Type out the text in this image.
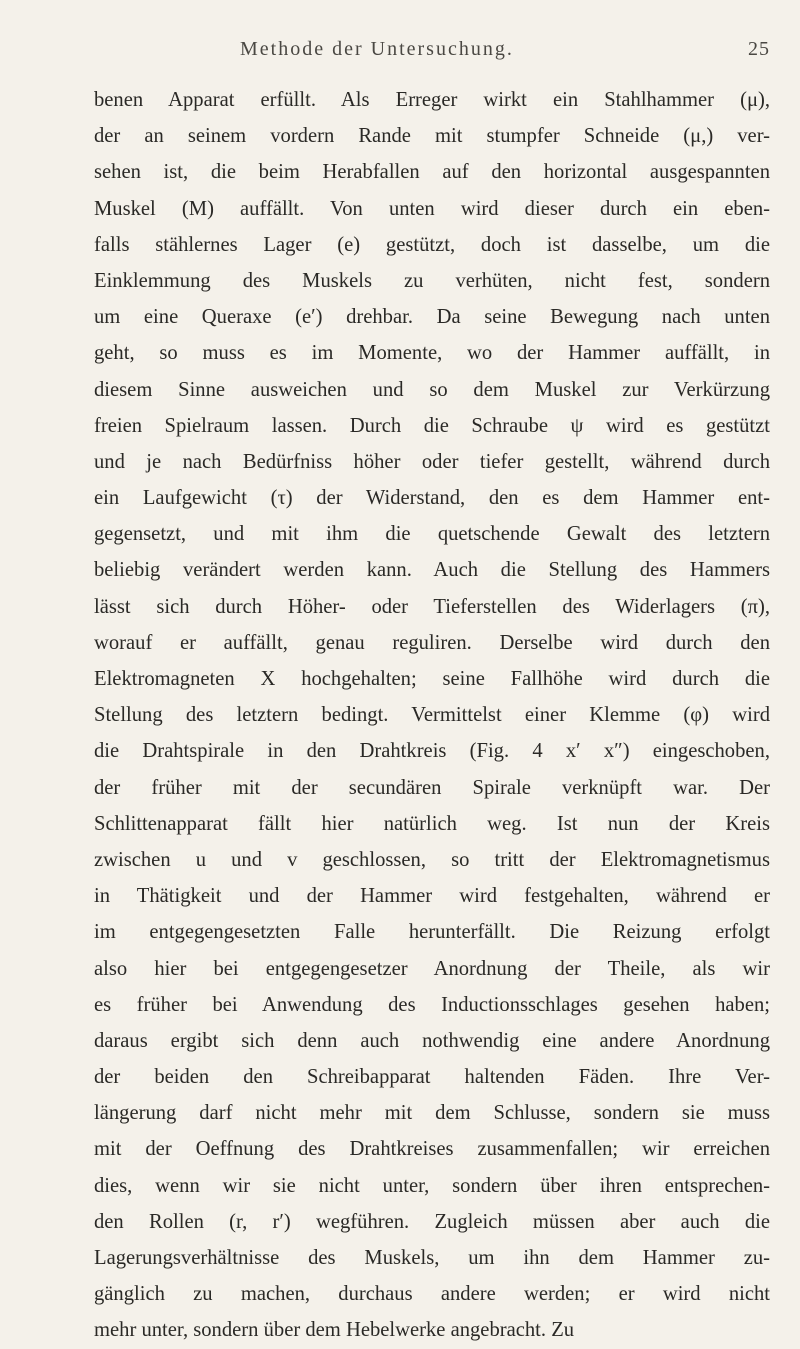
Methode der Untersuchung.	25
benen Apparat erfüllt. Als Erreger wirkt ein Stahlhammer (μ),
der an seinem vordern Rande mit stumpfer Schneide (μ,) ver-
sehen ist, die beim Herabfallen auf den horizontal ausgespannten
Muskel (M) auffällt. Von unten wird dieser durch ein eben-
falls stählernes Lager (e) gestützt, doch ist dasselbe, um die
Einklemmung des Muskels zu verhüten, nicht fest, sondern
um eine Queraxe (e′) drehbar. Da seine Bewegung nach unten
geht, so muss es im Momente, wo der Hammer auffällt, in
diesem Sinne ausweichen und so dem Muskel zur Verkürzung
freien Spielraum lassen. Durch die Schraube ψ wird es gestützt
und je nach Bedürfniss höher oder tiefer gestellt, während durch
ein Laufgewicht (τ) der Widerstand, den es dem Hammer ent-
gegensetzt, und mit ihm die quetschende Gewalt des letztern
beliebig verändert werden kann. Auch die Stellung des Hammers
lässt sich durch Höher- oder Tieferstellen des Widerlagers (π),
worauf er auffällt, genau reguliren. Derselbe wird durch den
Elektromagneten X hochgehalten; seine Fallhöhe wird durch die
Stellung des letztern bedingt. Vermittelst einer Klemme (φ) wird
die Drahtspirale in den Drahtkreis (Fig. 4 x′ x″) eingeschoben,
der früher mit der secundären Spirale verknüpft war. Der
Schlittenapparat fällt hier natürlich weg. Ist nun der Kreis
zwischen u und v geschlossen, so tritt der Elektromagnetismus
in Thätigkeit und der Hammer wird festgehalten, während er
im entgegengesetzten Falle herunterfällt. Die Reizung erfolgt
also hier bei entgegengesetzer Anordnung der Theile, als wir
es früher bei Anwendung des Inductionsschlages gesehen haben;
daraus ergibt sich denn auch nothwendig eine andere Anordnung
der beiden den Schreibapparat haltenden Fäden. Ihre Ver-
längerung darf nicht mehr mit dem Schlusse, sondern sie muss
mit der Oeffnung des Drahtkreises zusammenfallen; wir erreichen
dies, wenn wir sie nicht unter, sondern über ihren entsprechen-
den Rollen (r, r′) wegführen. Zugleich müssen aber auch die
Lagerungsverhältnisse des Muskels, um ihn dem Hammer zu-
gänglich zu machen, durchaus andere werden; er wird nicht
mehr unter, sondern über dem Hebelwerke angebracht. Zu
